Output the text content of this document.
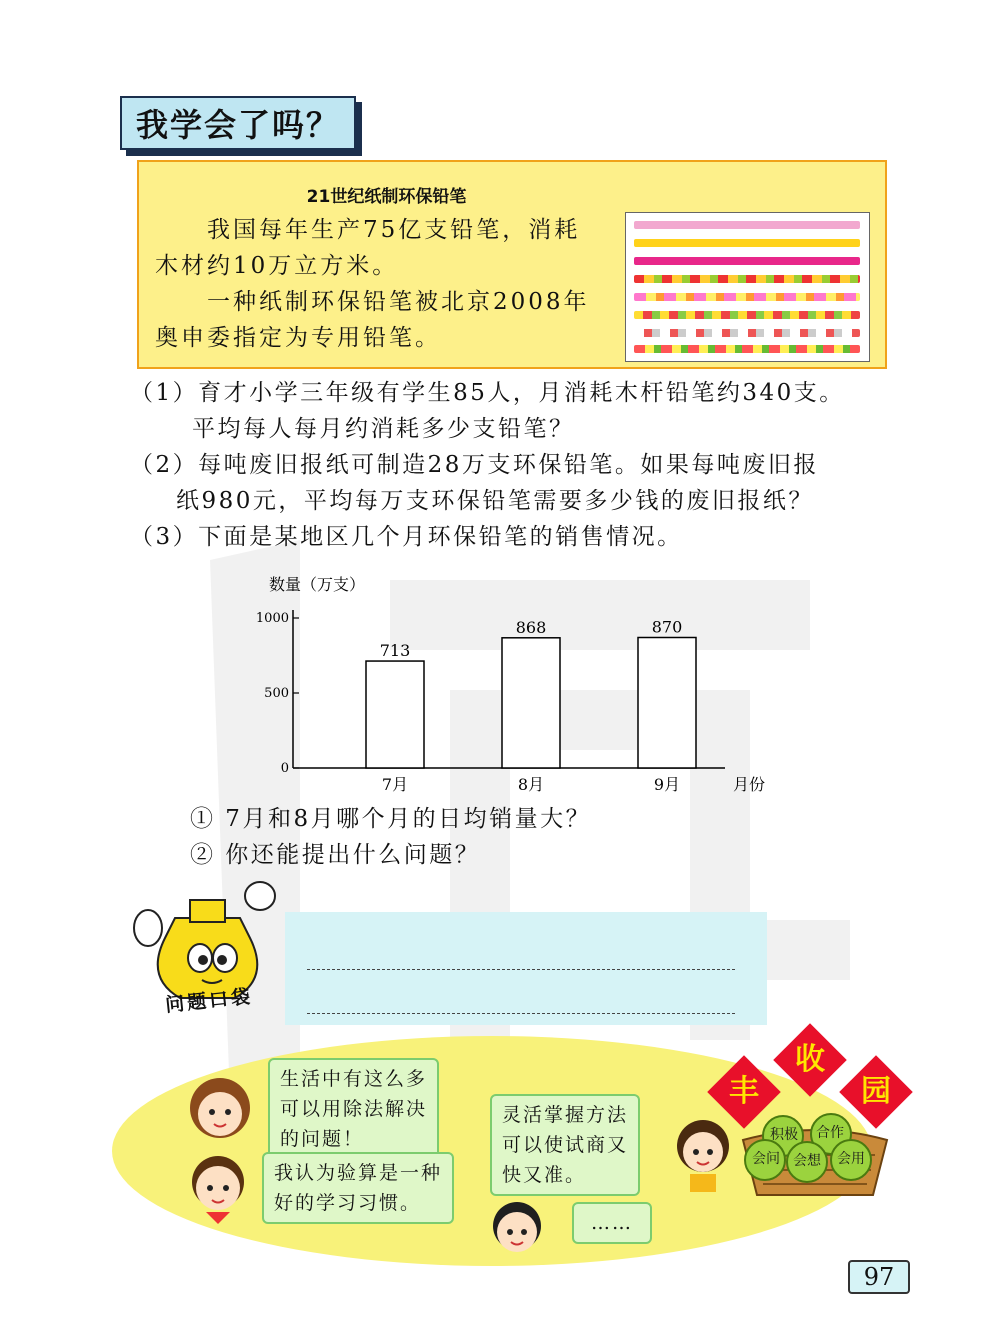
我学会了吗？
21世纪纸制环保铅笔
我国每年生产75亿支铅笔，消耗
木材约10万立方米。
一种纸制环保铅笔被北京2008年
奥申委指定为专用铅笔。
（1）育才小学三年级有学生85人，月消耗木杆铅笔约340支。
平均每人每月约消耗多少支铅笔？
（2）每吨废旧报纸可制造28万支环保铅笔。如果每吨废旧报
纸980元，平均每万支环保铅笔需要多少钱的废旧报纸？
（3）下面是某地区几个月环保铅笔的销售情况。
数量（万支）
月份
0
500
1000
713
7月
868
8月
870
9月
① 7月和8月哪个月的日均销量大？
② 你还能提出什么问题？
问题口袋
生活中有这么多
可以用除法解决
的问题！
我认为验算是一种
好的学习习惯。
灵活掌握方法
可以使试商又
快又准。
……
丰
收
园
积极 合作
会问 会想 会用
97
